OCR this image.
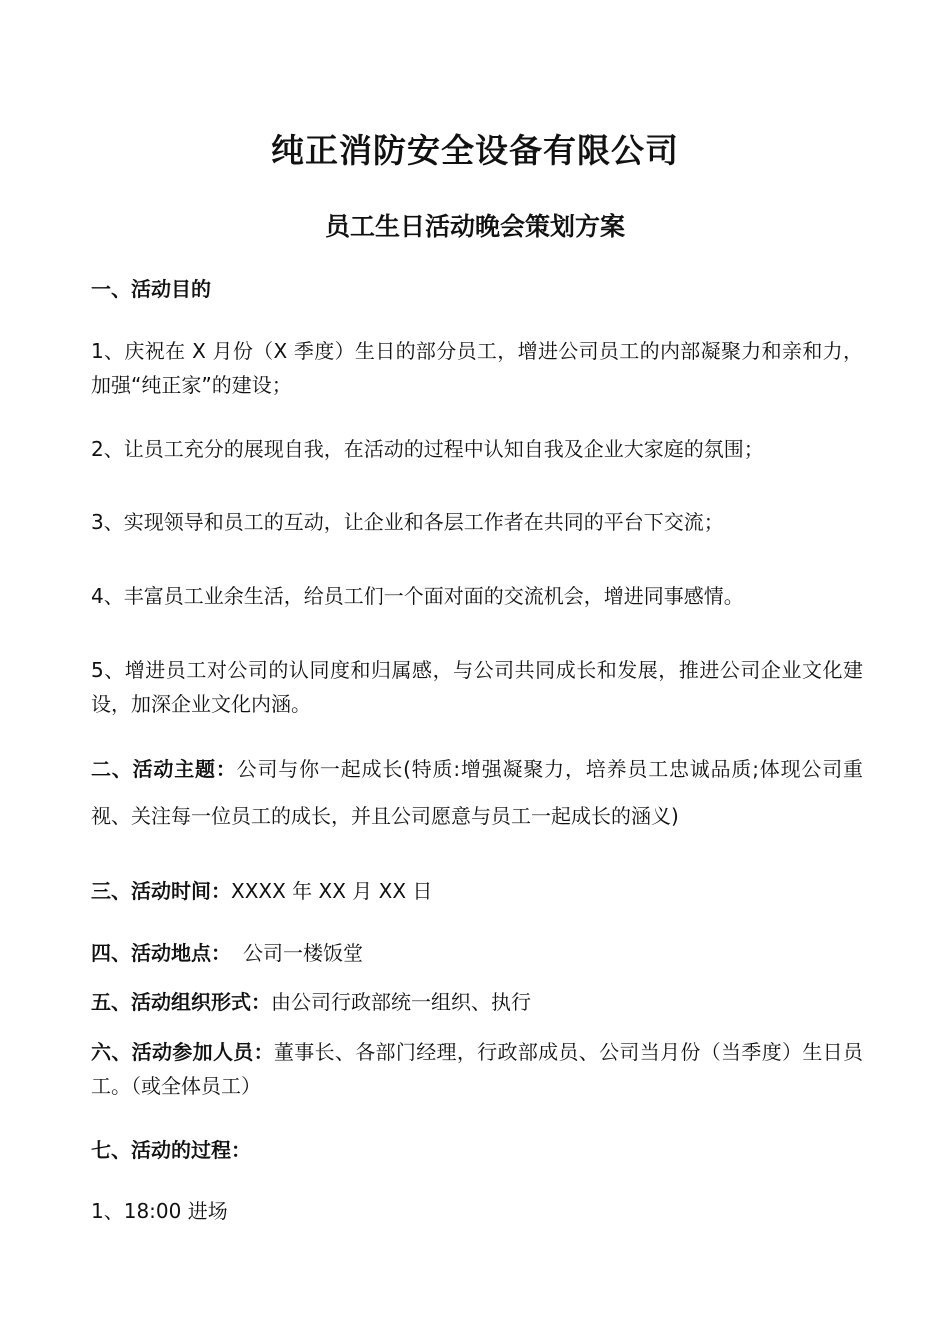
纯正消防安全设备有限公司
员工生日活动晚会策划方案
一、活动目的
1、庆祝在 X 月份（X 季度）生日的部分员工，增进公司员工的内部凝聚力和亲和力，加强“纯正家”的建设；
2、让员工充分的展现自我，在活动的过程中认知自我及企业大家庭的氛围；
3、实现领导和员工的互动，让企业和各层工作者在共同的平台下交流；
4、丰富员工业余生活，给员工们一个面对面的交流机会，增进同事感情。
5、增进员工对公司的认同度和归属感，与公司共同成长和发展，推进公司企业文化建设，加深企业文化内涵。
二、活动主题：公司与你一起成长(特质:增强凝聚力，培养员工忠诚品质;体现公司重视、关注每一位员工的成长，并且公司愿意与员工一起成长的涵义)
三、活动时间：XXXX 年 XX 月 XX 日
四、活动地点： 公司一楼饭堂
五、活动组织形式：由公司行政部统一组织、执行
六、活动参加人员：董事长、各部门经理，行政部成员、公司当月份（当季度）生日员工。（或全体员工）
七、活动的过程：
1、18:00 进场
